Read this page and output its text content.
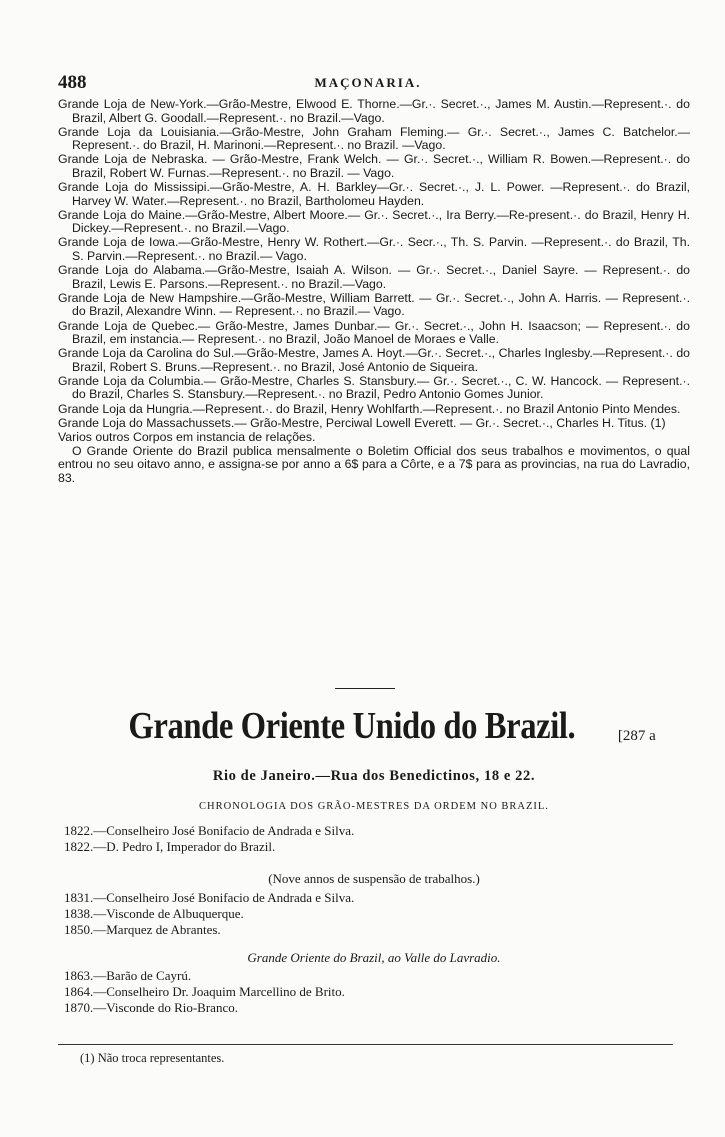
488	MAÇONARIA.

Grande Loja de New-York.—Grão-Mestre, Elwood E. Thorne.—Gr.·. Secret.·., James M. Austin.—Represent.·. do Brazil, Albert G. Goodall.—Represent.·. no Brazil.—Vago.

Grande Loja da Louisiania.—Grão-Mestre, John Graham Fleming.— Gr.·. Secret.·., James C. Batchelor.—Represent.·. do Brazil, H. Marinoni.—Represent.·. no Brazil. —Vago.

Grande Loja de Nebraska. — Grão-Mestre, Frank Welch. — Gr.·. Secret.·., William R. Bowen.—Represent.·. do Brazil, Robert W. Furnas.—Represent.·. no Brazil. — Vago.

Grande Loja do Mississipi.—Grão-Mestre, A. H. Barkley—Gr.·. Secret.·., J. L. Power. —Represent.·. do Brazil, Harvey W. Water.—Represent.·. no Brazil, Bartholomeu Hayden.

Grande Loja do Maine.—Grão-Mestre, Albert Moore.— Gr.·. Secret.·., Ira Berry.—Re-present.·. do Brazil, Henry H. Dickey.—Represent.·. no Brazil.—Vago.

Grande Loja de Iowa.—Grão-Mestre, Henry W. Rothert.—Gr.·. Secr.·., Th. S. Parvin. —Represent.·. do Brazil, Th. S. Parvin.—Represent.·. no Brazil.— Vago.

Grande Loja do Alabama.—Grão-Mestre, Isaiah A. Wilson. — Gr.·. Secret.·., Daniel Sayre. — Represent.·. do Brazil, Lewis E. Parsons.—Represent.·. no Brazil.—Vago.

Grande Loja de New Hampshire.—Grão-Mestre, William Barrett. — Gr.·. Secret.·., John A. Harris. — Represent.·. do Brazil, Alexandre Winn. — Represent.·. no Brazil.— Vago.

Grande Loja de Quebec.— Grão-Mestre, James Dunbar.— Gr.·. Secret.·., John H. Isaacson; — Represent.·. do Brazil, em instancia.— Represent.·. no Brazil, João Manoel de Moraes e Valle.

Grande Loja da Carolina do Sul.—Grão-Mestre, James A. Hoyt.—Gr.·. Secret.·., Charles Inglesby.—Represent.·. do Brazil, Robert S. Bruns.—Represent.·. no Brazil, José Antonio de Siqueira.

Grande Loja da Columbia.— Grão-Mestre, Charles S. Stansbury.— Gr.·. Secret.·., C. W. Hancock. — Represent.·. do Brazil, Charles S. Stansbury.—Represent.·. no Brazil, Pedro Antonio Gomes Junior.

Grande Loja da Hungria.—Represent.·. do Brazil, Henry Wohlfarth.—Represent.·. no Brazil Antonio Pinto Mendes.

Grande Loja do Massachussets.— Grão-Mestre, Perciwal Lowell Everett. — Gr.·. Secret.·., Charles H. Titus. (1)

Varios outros Corpos em instancia de relações.

O Grande Oriente do Brazil publica mensalmente o Boletim Official dos seus trabalhos e movimentos, o qual entrou no seu oitavo anno, e assigna-se por anno a 6$ para a Côrte, e a 7$ para as provincias, na rua do Lavradio, 83.

Grande Oriente Unido do Brazil.	[287 a
Rio de Janeiro.—Rua dos Benedictinos, 18 e 22.
CHRONOLOGIA DOS GRÃO-MESTRES DA ORDEM NO BRAZIL.
1822.—Conselheiro José Bonifacio de Andrada e Silva.
1822.—D. Pedro I, Imperador do Brazil.
(Nove annos de suspensão de trabalhos.)
1831.—Conselheiro José Bonifacio de Andrada e Silva.
1838.—Visconde de Albuquerque.
1850.—Marquez de Abrantes.
Grande Oriente do Brazil, ao Valle do Lavradio.
1863.—Barão de Cayrú.
1864.—Conselheiro Dr. Joaquim Marcellino de Brito.
1870.—Visconde do Rio-Branco.
(1) Não troca representantes.
